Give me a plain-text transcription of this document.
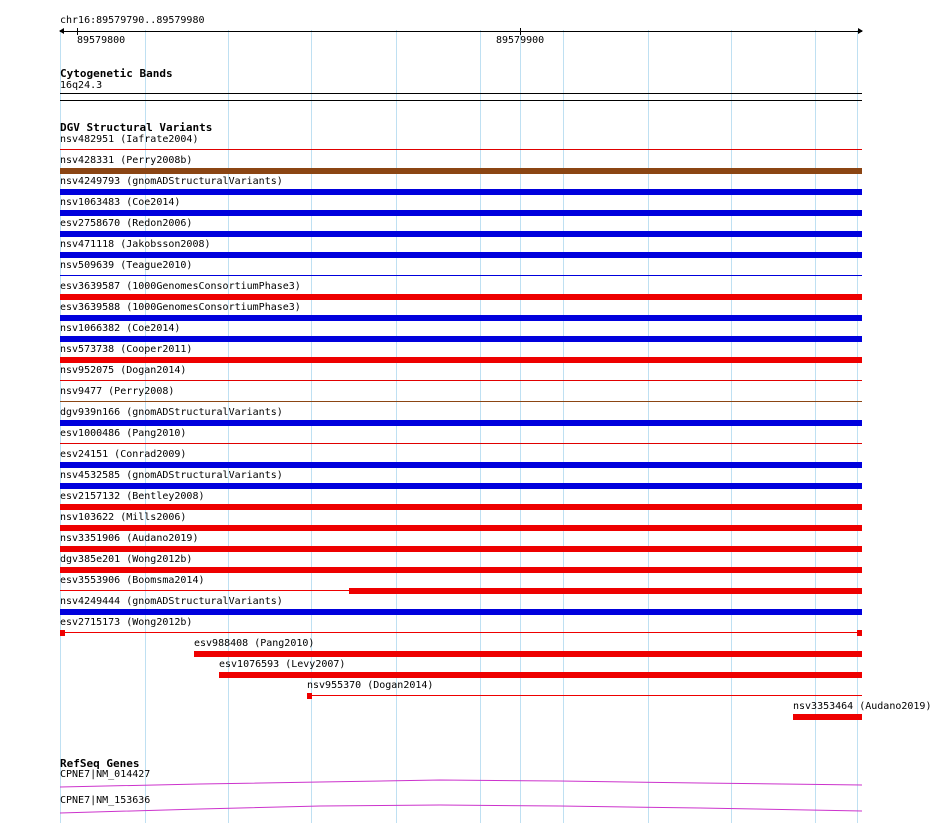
chr16:89579790..89579980
89579800	89579900
Cytogenetic Bands
16q24.3
DGV Structural Variants
nsv482951 (Iafrate2004)
nsv428331 (Perry2008b)
nsv4249793 (gnomADStructuralVariants)
nsv1063483 (Coe2014)
esv2758670 (Redon2006)
nsv471118 (Jakobsson2008)
nsv509639 (Teague2010)
esv3639587 (1000GenomesConsortiumPhase3)
esv3639588 (1000GenomesConsortiumPhase3)
nsv1066382 (Coe2014)
nsv573738 (Cooper2011)
nsv952075 (Dogan2014)
nsv9477 (Perry2008)
dgv939n166 (gnomADStructuralVariants)
esv1000486 (Pang2010)
esv24151 (Conrad2009)
nsv4532585 (gnomADStructuralVariants)
esv2157132 (Bentley2008)
nsv103622 (Mills2006)
nsv3351906 (Audano2019)
dgv385e201 (Wong2012b)
esv3553906 (Boomsma2014)
nsv4249444 (gnomADStructuralVariants)
esv2715173 (Wong2012b)
esv988408 (Pang2010)
esv1076593 (Levy2007)
nsv955370 (Dogan2014)
nsv3353464 (Audano2019)
RefSeq Genes
CPNE7|NM_014427
CPNE7|NM_153636
